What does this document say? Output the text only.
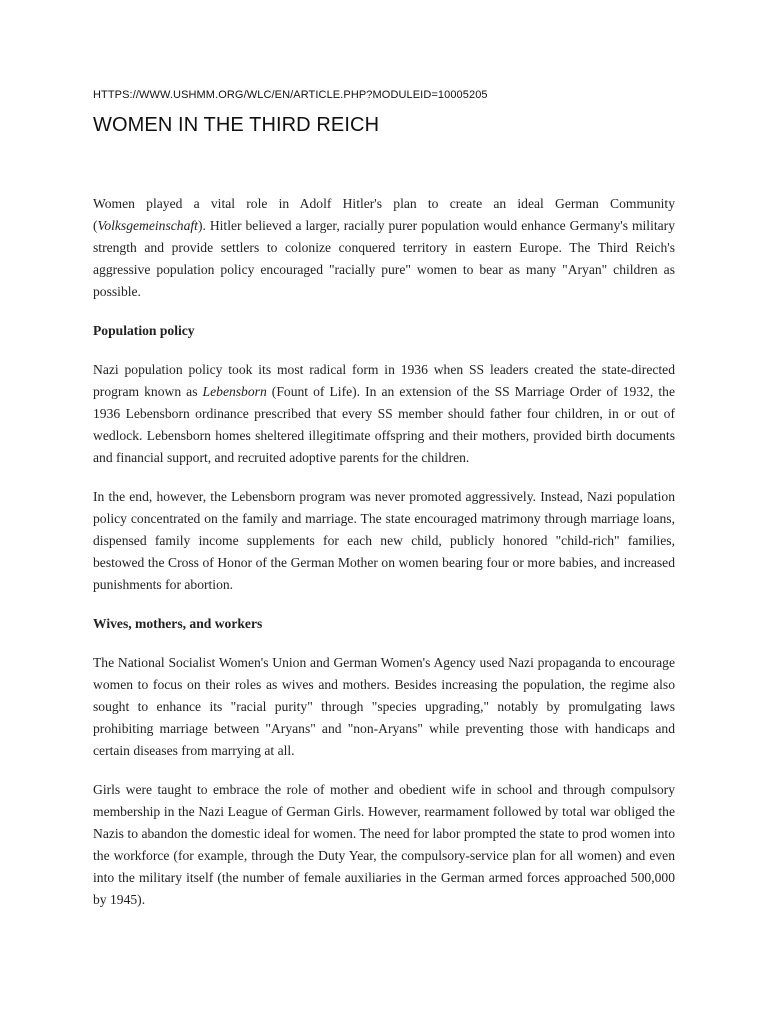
HTTPS://WWW.USHMM.ORG/WLC/EN/ARTICLE.PHP?MODULEID=10005205

WOMEN IN THE THIRD REICH

Women played a vital role in Adolf Hitler's plan to create an ideal German Community (Volksgemeinschaft). Hitler believed a larger, racially purer population would enhance Germany's military strength and provide settlers to colonize conquered territory in eastern Europe. The Third Reich's aggressive population policy encouraged "racially pure" women to bear as many "Aryan" children as possible.

Population policy

Nazi population policy took its most radical form in 1936 when SS leaders created the state-directed program known as Lebensborn (Fount of Life). In an extension of the SS Marriage Order of 1932, the 1936 Lebensborn ordinance prescribed that every SS member should father four children, in or out of wedlock. Lebensborn homes sheltered illegitimate offspring and their mothers, provided birth documents and financial support, and recruited adoptive parents for the children.

In the end, however, the Lebensborn program was never promoted aggressively. Instead, Nazi population policy concentrated on the family and marriage. The state encouraged matrimony through marriage loans, dispensed family income supplements for each new child, publicly honored "child-rich" families, bestowed the Cross of Honor of the German Mother on women bearing four or more babies, and increased punishments for abortion.

Wives, mothers, and workers

The National Socialist Women's Union and German Women's Agency used Nazi propaganda to encourage women to focus on their roles as wives and mothers. Besides increasing the population, the regime also sought to enhance its "racial purity" through "species upgrading," notably by promulgating laws prohibiting marriage between "Aryans" and "non-Aryans" while preventing those with handicaps and certain diseases from marrying at all.

Girls were taught to embrace the role of mother and obedient wife in school and through compulsory membership in the Nazi League of German Girls. However, rearmament followed by total war obliged the Nazis to abandon the domestic ideal for women. The need for labor prompted the state to prod women into the workforce (for example, through the Duty Year, the compulsory-service plan for all women) and even into the military itself (the number of female auxiliaries in the German armed forces approached 500,000 by 1945).
